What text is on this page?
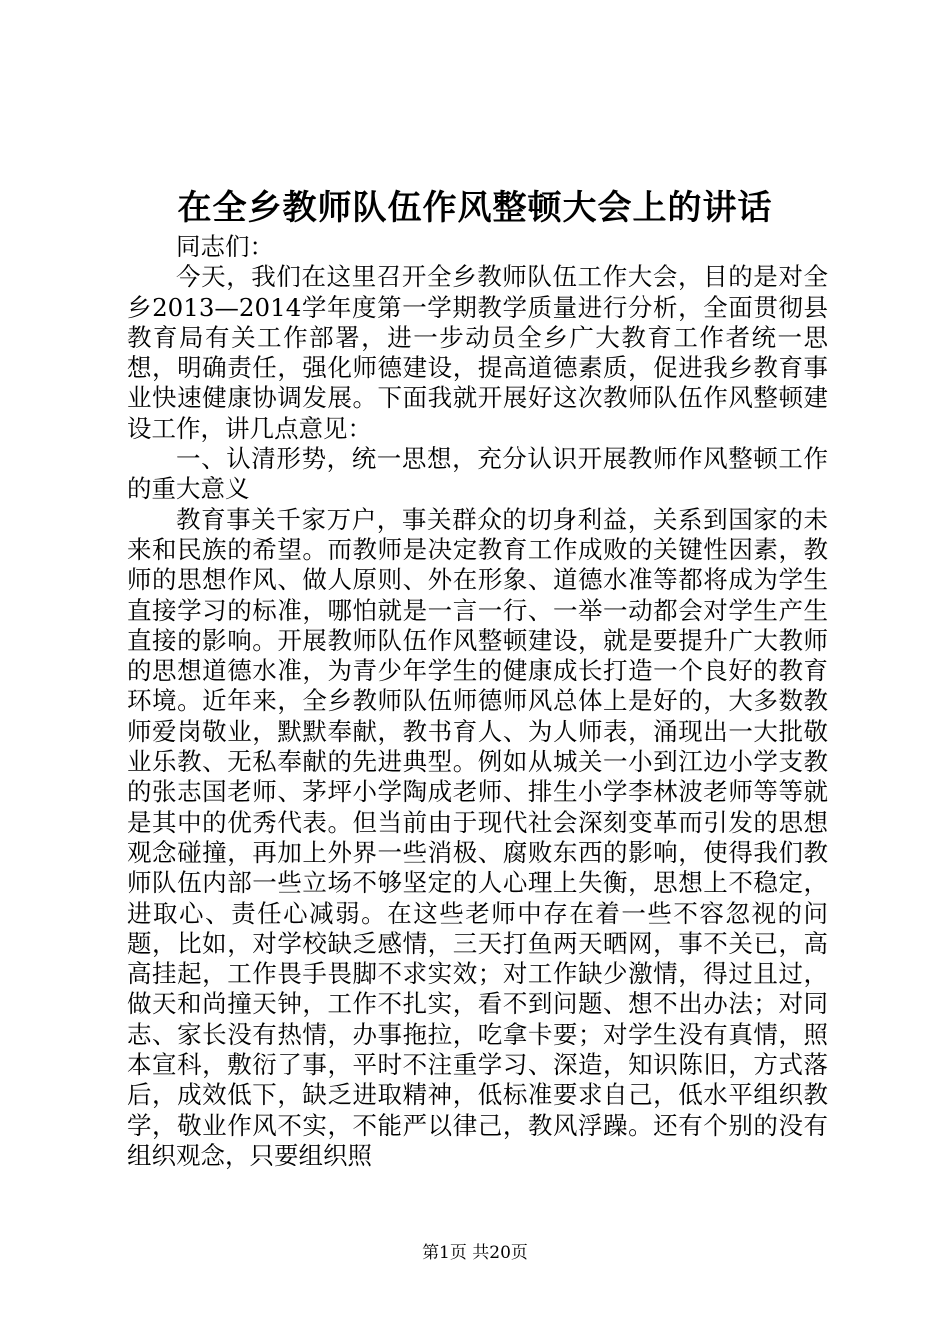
在全乡教师队伍作风整顿大会上的讲话

同志们：

今天，我们在这里召开全乡教师队伍工作大会，目的是对全乡2013—2014学年度第一学期教学质量进行分析，全面贯彻县教育局有关工作部署，进一步动员全乡广大教育工作者统一思想，明确责任，强化师德建设，提高道德素质，促进我乡教育事业快速健康协调发展。下面我就开展好这次教师队伍作风整顿建设工作，讲几点意见：

一、认清形势，统一思想，充分认识开展教师作风整顿工作的重大意义

教育事关千家万户，事关群众的切身利益，关系到国家的未来和民族的希望。而教师是决定教育工作成败的关键性因素，教师的思想作风、做人原则、外在形象、道德水准等都将成为学生直接学习的标准，哪怕就是一言一行、一举一动都会对学生产生直接的影响。开展教师队伍作风整顿建设，就是要提升广大教师的思想道德水准，为青少年学生的健康成长打造一个良好的教育环境。近年来，全乡教师队伍师德师风总体上是好的，大多数教师爱岗敬业，默默奉献，教书育人、为人师表，涌现出一大批敬业乐教、无私奉献的先进典型。例如从城关一小到江边小学支教的张志国老师、茅坪小学陶成老师、排生小学李林波老师等等就是其中的优秀代表。但当前由于现代社会深刻变革而引发的思想观念碰撞，再加上外界一些消极、腐败东西的影响，使得我们教师队伍内部一些立场不够坚定的人心理上失衡，思想上不稳定，进取心、责任心减弱。在这些老师中存在着一些不容忽视的问题，比如，对学校缺乏感情，三天打鱼两天晒网，事不关已，高高挂起，工作畏手畏脚不求实效；对工作缺少激情，得过且过，做天和尚撞天钟，工作不扎实，看不到问题、想不出办法；对同志、家长没有热情，办事拖拉，吃拿卡要；对学生没有真情，照本宣科，敷衍了事，平时不注重学习、深造，知识陈旧，方式落后，成效低下，缺乏进取精神，低标准要求自己，低水平组织教学，敬业作风不实，不能严以律己，教风浮躁。还有个别的没有组织观念，只要组织照

第1页 共20页
